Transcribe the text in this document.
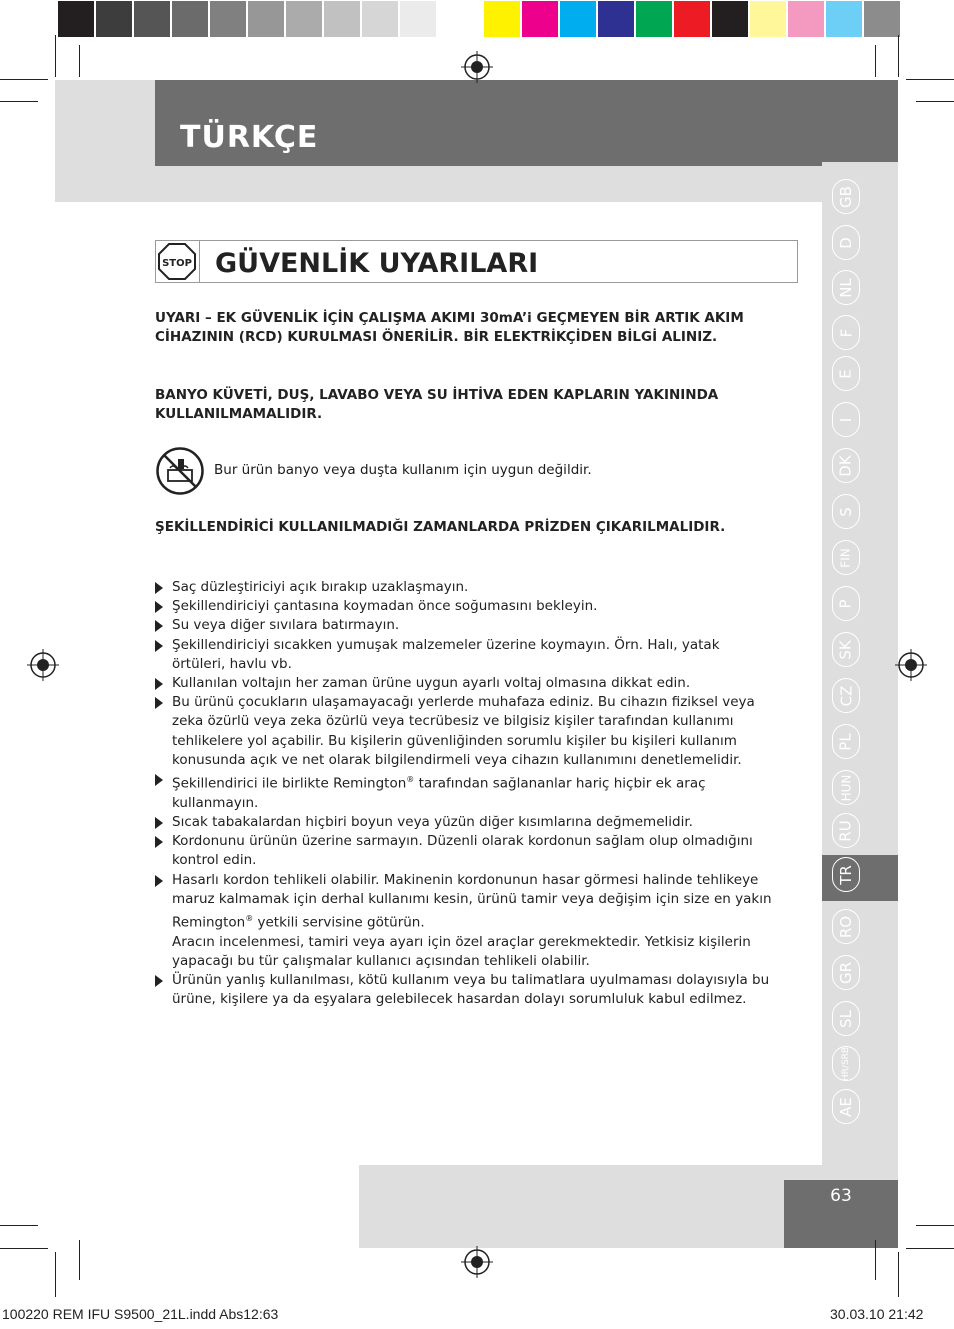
TÜRKÇE
GB
D
NL
F
E
I
DK
S
FIN
P
SK
CZ
PL
HUN
RU
TR
RO
GR
SL
HR/SRB
AE
STOP GÜVENLİK UYARILARI
UYARI – EK GÜVENLİK İÇİN ÇALIŞMA AKIMI 30mA’i GEÇMEYEN BİR ARTIK AKIM CİHAZININ (RCD) KURULMASI ÖNERİLİR. BİR ELEKTRİKÇİDEN BİLGİ ALINIZ.
BANYO KÜVETİ, DUŞ, LAVABO VEYA SU İHTİVA EDEN KAPLARIN YAKININDA KULLANILMAMALIDIR.
Bur ürün banyo veya duşta kullanım için uygun değildir.
ŞEKİLLENDİRİCİ KULLANILMADIĞI ZAMANLARDA PRİZDEN ÇIKARILMALIDIR.
Saç düzleştiriciyi açık bırakıp uzaklaşmayın.
Şekillendiriciyi çantasına koymadan önce soğumasını bekleyin.
Su veya diğer sıvılara batırmayın.
Şekillendiriciyi sıcakken yumuşak malzemeler üzerine koymayın. Örn. Halı, yatak örtüleri, havlu vb.
Kullanılan voltajın her zaman ürüne uygun ayarlı voltaj olmasına dikkat edin.
Bu ürünü çocukların ulaşamayacağı yerlerde muhafaza ediniz. Bu cihazın fiziksel veya zeka özürlü veya zeka özürlü veya tecrübesiz ve bilgisiz kişiler tarafından kullanımı tehlikelere yol açabilir. Bu kişilerin güvenliğinden sorumlu kişiler bu kişileri kullanım konusunda açık ve net olarak bilgilendirmeli veya cihazın kullanımını denetlemelidir.
Şekillendirici ile birlikte Remington® tarafından sağlananlar hariç hiçbir ek araç kullanmayın.
Sıcak tabakalardan hiçbiri boyun veya yüzün diğer kısımlarına değmemelidir.
Kordonunu ürünün üzerine sarmayın. Düzenli olarak kordonun sağlam olup olmadığını kontrol edin.
Hasarlı kordon tehlikeli olabilir. Makinenin kordonunun hasar görmesi halinde tehlikeye maruz kalmamak için derhal kullanımı kesin, ürünü tamir veya değişim için size en yakın Remington® yetkili servisine götürün.
Aracın incelenmesi, tamiri veya ayarı için özel araçlar gerekmektedir. Yetkisiz kişilerin yapacağı bu tür çalışmalar kullanıcı açısından tehlikeli olabilir.
Ürünün yanlış kullanılması, kötü kullanım veya bu talimatlara uyulmaması dolayısıyla bu ürüne, kişilere ya da eşyalara gelebilecek hasardan dolayı sorumluluk kabul edilmez.
63
100220 REM IFU S9500_21L.indd Abs12:63	30.03.10 21:42
